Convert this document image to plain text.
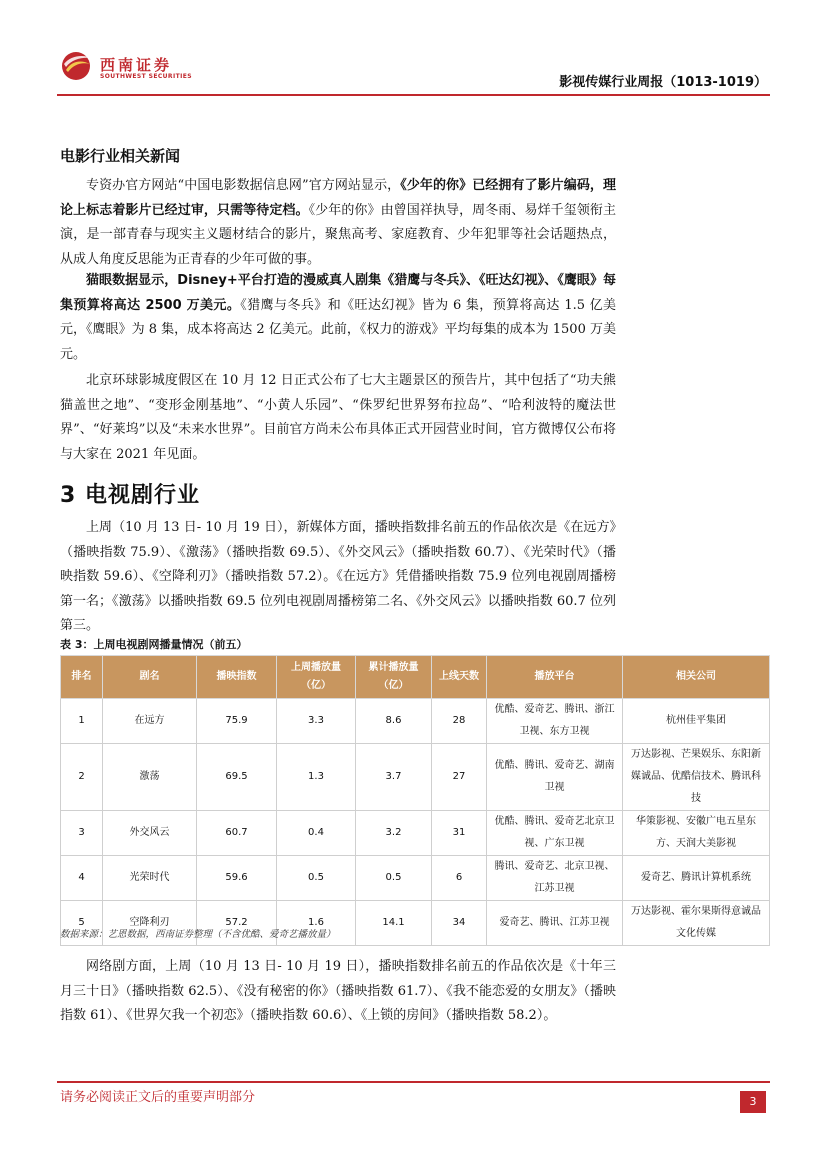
西南证券
SOUTHWEST SECURITIES	影视传媒行业周报（1013-1019）
电影行业相关新闻

专资办官方网站“中国电影数据信息网”官方网站显示，《少年的你》已经拥有了影片编码，理论上标志着影片已经过审，只需等待定档。《少年的你》由曾国祥执导，周冬雨、易烊千玺领衔主演，是一部青春与现实主义题材结合的影片，聚焦高考、家庭教育、少年犯罪等社会话题热点，从成人角度反思能为正青春的少年可做的事。

猫眼数据显示，Disney+平台打造的漫威真人剧集《猎鹰与冬兵》、《旺达幻视》、《鹰眼》每集预算将高达 2500 万美元。《猎鹰与冬兵》和《旺达幻视》皆为 6 集，预算将高达 1.5 亿美元，《鹰眼》为 8 集，成本将高达 2 亿美元。此前，《权力的游戏》平均每集的成本为 1500 万美元。

北京环球影城度假区在 10 月 12 日正式公布了七大主题景区的预告片，其中包括了“功夫熊猫盖世之地”、“变形金刚基地”、“小黄人乐园”、“侏罗纪世界努布拉岛”、“哈利波特的魔法世界”、“好莱坞”以及“未来水世界”。目前官方尚未公布具体正式开园营业时间，官方微博仅公布将与大家在 2021 年见面。

3 电视剧行业

上周（10 月 13 日- 10 月 19 日），新媒体方面，播映指数排名前五的作品依次是《在远方》（播映指数 75.9）、《激荡》（播映指数 69.5）、《外交风云》（播映指数 60.7）、《光荣时代》（播映指数 59.6）、《空降利刃》（播映指数 57.2）。《在远方》凭借播映指数 75.9 位列电视剧周播榜第一名；《激荡》以播映指数 69.5 位列电视剧周播榜第二名、《外交风云》以播映指数 60.7 位列第三。

表 3：上周电视剧网播量情况（前五）
排名	剧名	播映指数	上周播放量（亿）	累计播放量（亿）	上线天数	播放平台	相关公司
1	在远方	75.9	3.3	8.6	28	优酷、爱奇艺、腾讯、浙江卫视、东方卫视	杭州佳平集团
2	激荡	69.5	1.3	3.7	27	优酷、腾讯、爱奇艺、湖南卫视	万达影视、芒果娱乐、东阳新媒诚品、优酷信技术、腾讯科技
3	外交风云	60.7	0.4	3.2	31	优酷、腾讯、爱奇艺北京卫视、广东卫视	华策影视、安徽广电五星东方、天润大美影视
4	光荣时代	59.6	0.5	0.5	6	腾讯、爱奇艺、北京卫视、江苏卫视	爱奇艺、腾讯计算机系统
5	空降利刃	57.2	1.6	14.1	34	爱奇艺、腾讯、江苏卫视	万达影视、霍尔果斯得意诚品文化传媒
数据来源：艺恩数据，西南证券整理（不含优酷、爱奇艺播放量）

网络剧方面，上周（10 月 13 日- 10 月 19 日），播映指数排名前五的作品依次是《十年三月三十日》（播映指数 62.5）、《没有秘密的你》（播映指数 61.7）、《我不能恋爱的女朋友》（播映指数 61）、《世界欠我一个初恋》（播映指数 60.6）、《上锁的房间》（播映指数 58.2）。

请务必阅读正文后的重要声明部分	3
